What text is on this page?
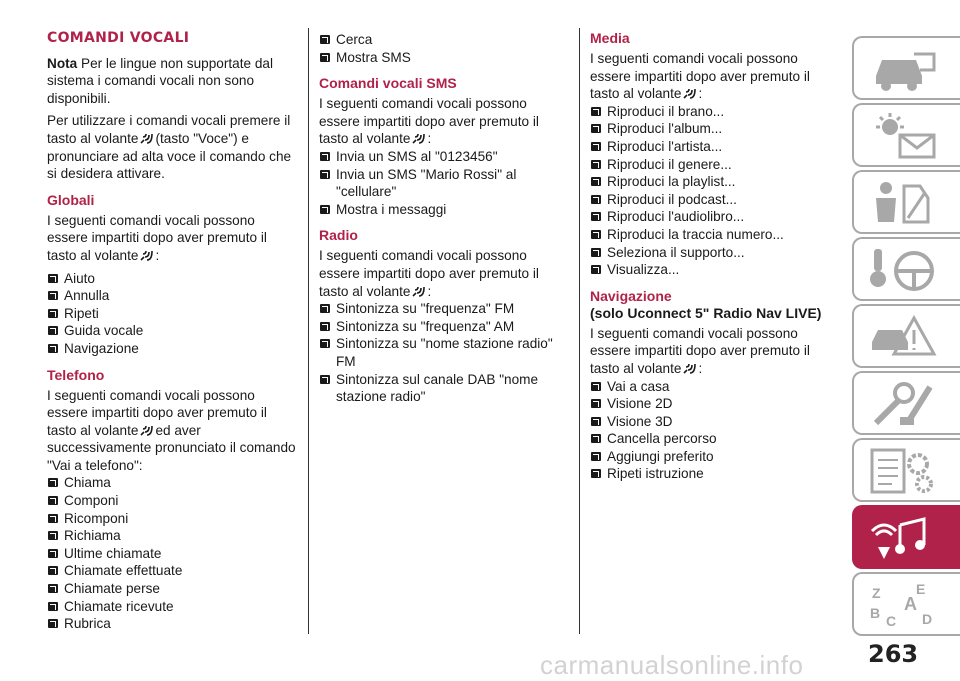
COMANDI VOCALI

Nota Per le lingue non supportate dal sistema i comandi vocali non sono disponibili.

Per utilizzare i comandi vocali premere il tasto al volante (tasto "Voce") e pronunciare ad alta voce il comando che si desidera attivare.

Globali

I seguenti comandi vocali possono essere impartiti dopo aver premuto il tasto al volante :

Aiuto
Annulla
Ripeti
Guida vocale
Navigazione
Telefono

I seguenti comandi vocali possono essere impartiti dopo aver premuto il tasto al volante ed aver successivamente pronunciato il comando "Vai a telefono":

Chiama
Componi
Ricomponi
Richiama
Ultime chiamate
Chiamate effettuate
Chiamate perse
Chiamate ricevute
Rubrica
Cerca
Mostra SMS
Comandi vocali SMS

I seguenti comandi vocali possono essere impartiti dopo aver premuto il tasto al volante :

Invia un SMS al "0123456"
Invia un SMS "Mario Rossi" al "cellulare"
Mostra i messaggi
Radio

I seguenti comandi vocali possono essere impartiti dopo aver premuto il tasto al volante :

Sintonizza su "frequenza" FM
Sintonizza su "frequenza" AM
Sintonizza su "nome stazione radio" FM
Sintonizza sul canale DAB "nome stazione radio"
Media

I seguenti comandi vocali possono essere impartiti dopo aver premuto il tasto al volante :

Riproduci il brano...
Riproduci l'album...
Riproduci l'artista...
Riproduci il genere...
Riproduci la playlist...
Riproduci il podcast...
Riproduci l'audiolibro...
Riproduci la traccia numero...
Seleziona il supporto...
Visualizza...
Navigazione
(solo Uconnect 5" Radio Nav LIVE)

I seguenti comandi vocali possono essere impartiti dopo aver premuto il tasto al volante :

Vai a casa
Visione 2D
Visione 3D
Cancella percorso
Aggiungi preferito
Ripeti istruzione
Z	E
A
B C D
263
carmanualsonline.info
